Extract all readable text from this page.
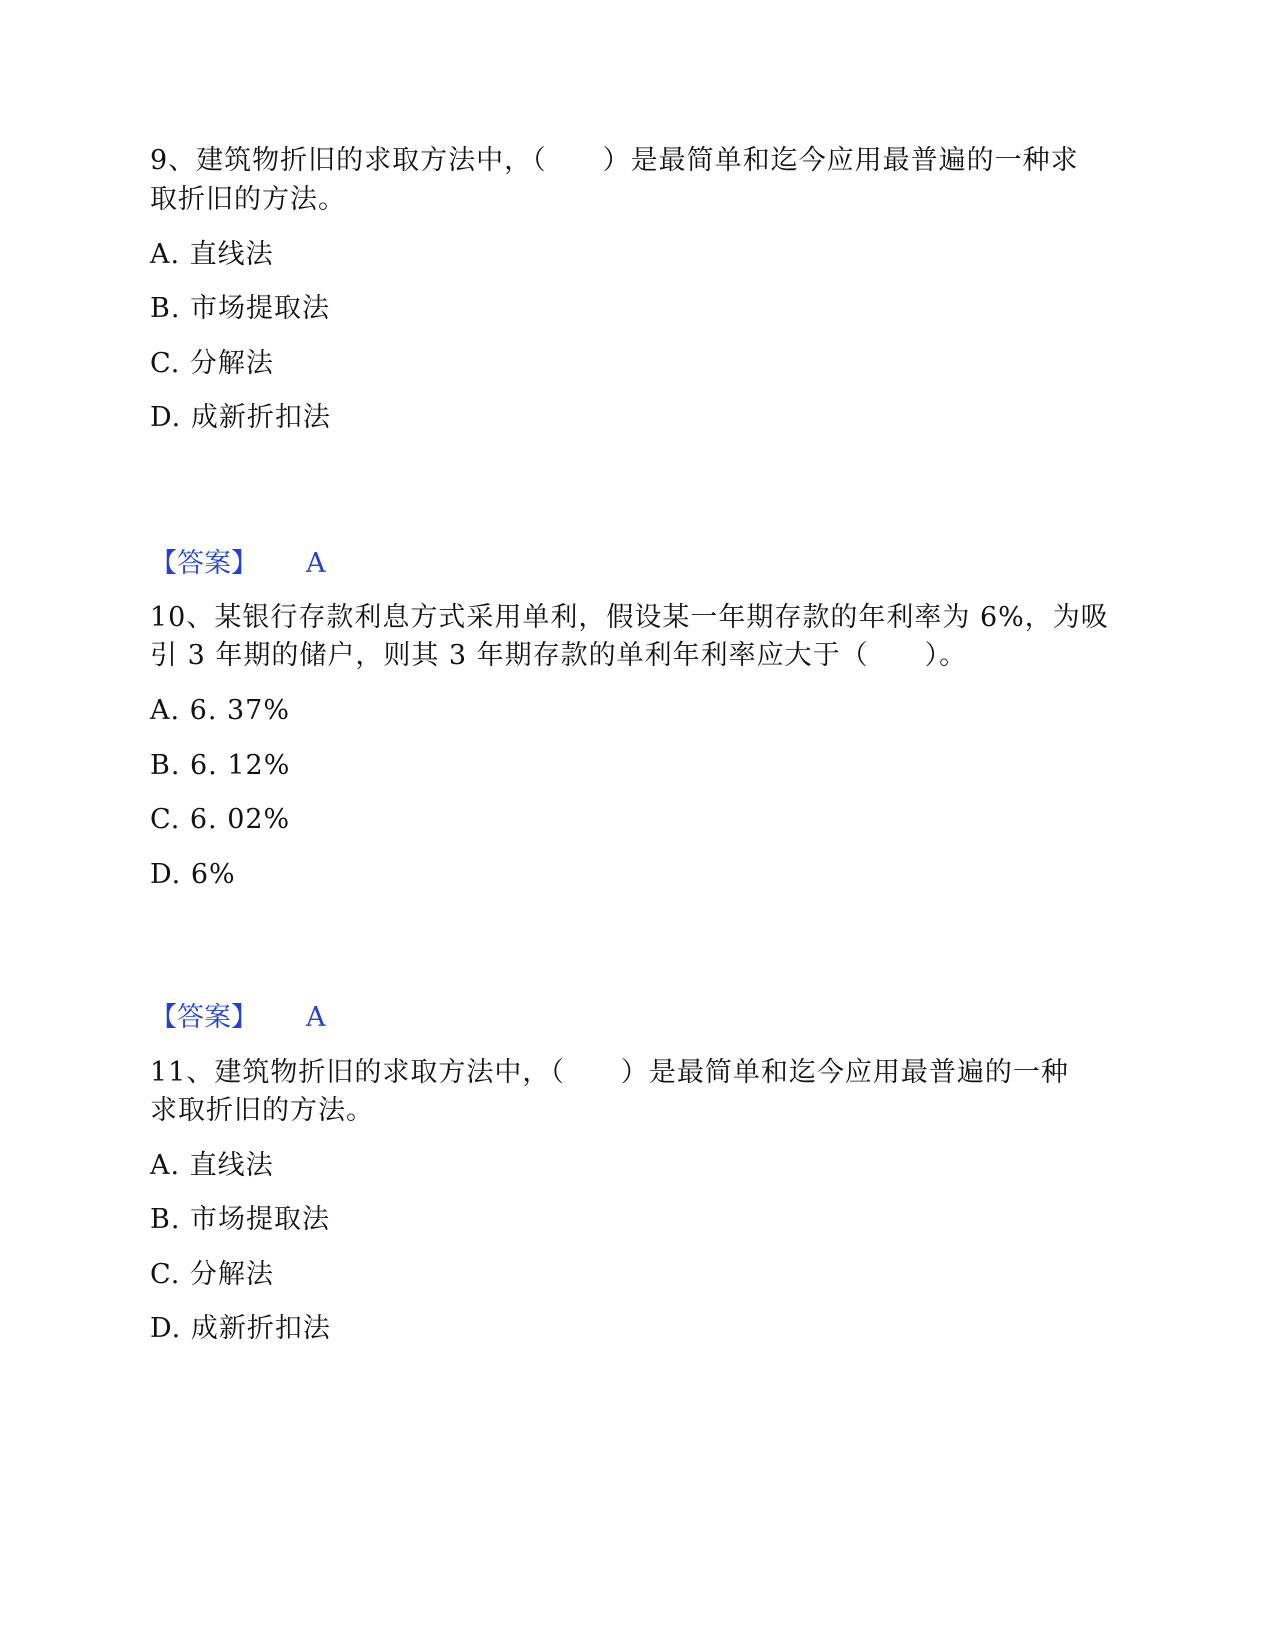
9、建筑物折旧的求取方法中，（　　）是最简单和迄今应用最普遍的一种求
取折旧的方法。
A. 直线法
B. 市场提取法
C. 分解法
D. 成新折扣法
【答案】 A
10、某银行存款利息方式采用单利，假设某一年期存款的年利率为 6%，为吸
引 3 年期的储户，则其 3 年期存款的单利年利率应大于（　　）。
A. 6. 37%
B. 6. 12%
C. 6. 02%
D. 6%
【答案】 A
11、建筑物折旧的求取方法中，（　　）是最简单和迄今应用最普遍的一种
求取折旧的方法。
A. 直线法
B. 市场提取法
C. 分解法
D. 成新折扣法
